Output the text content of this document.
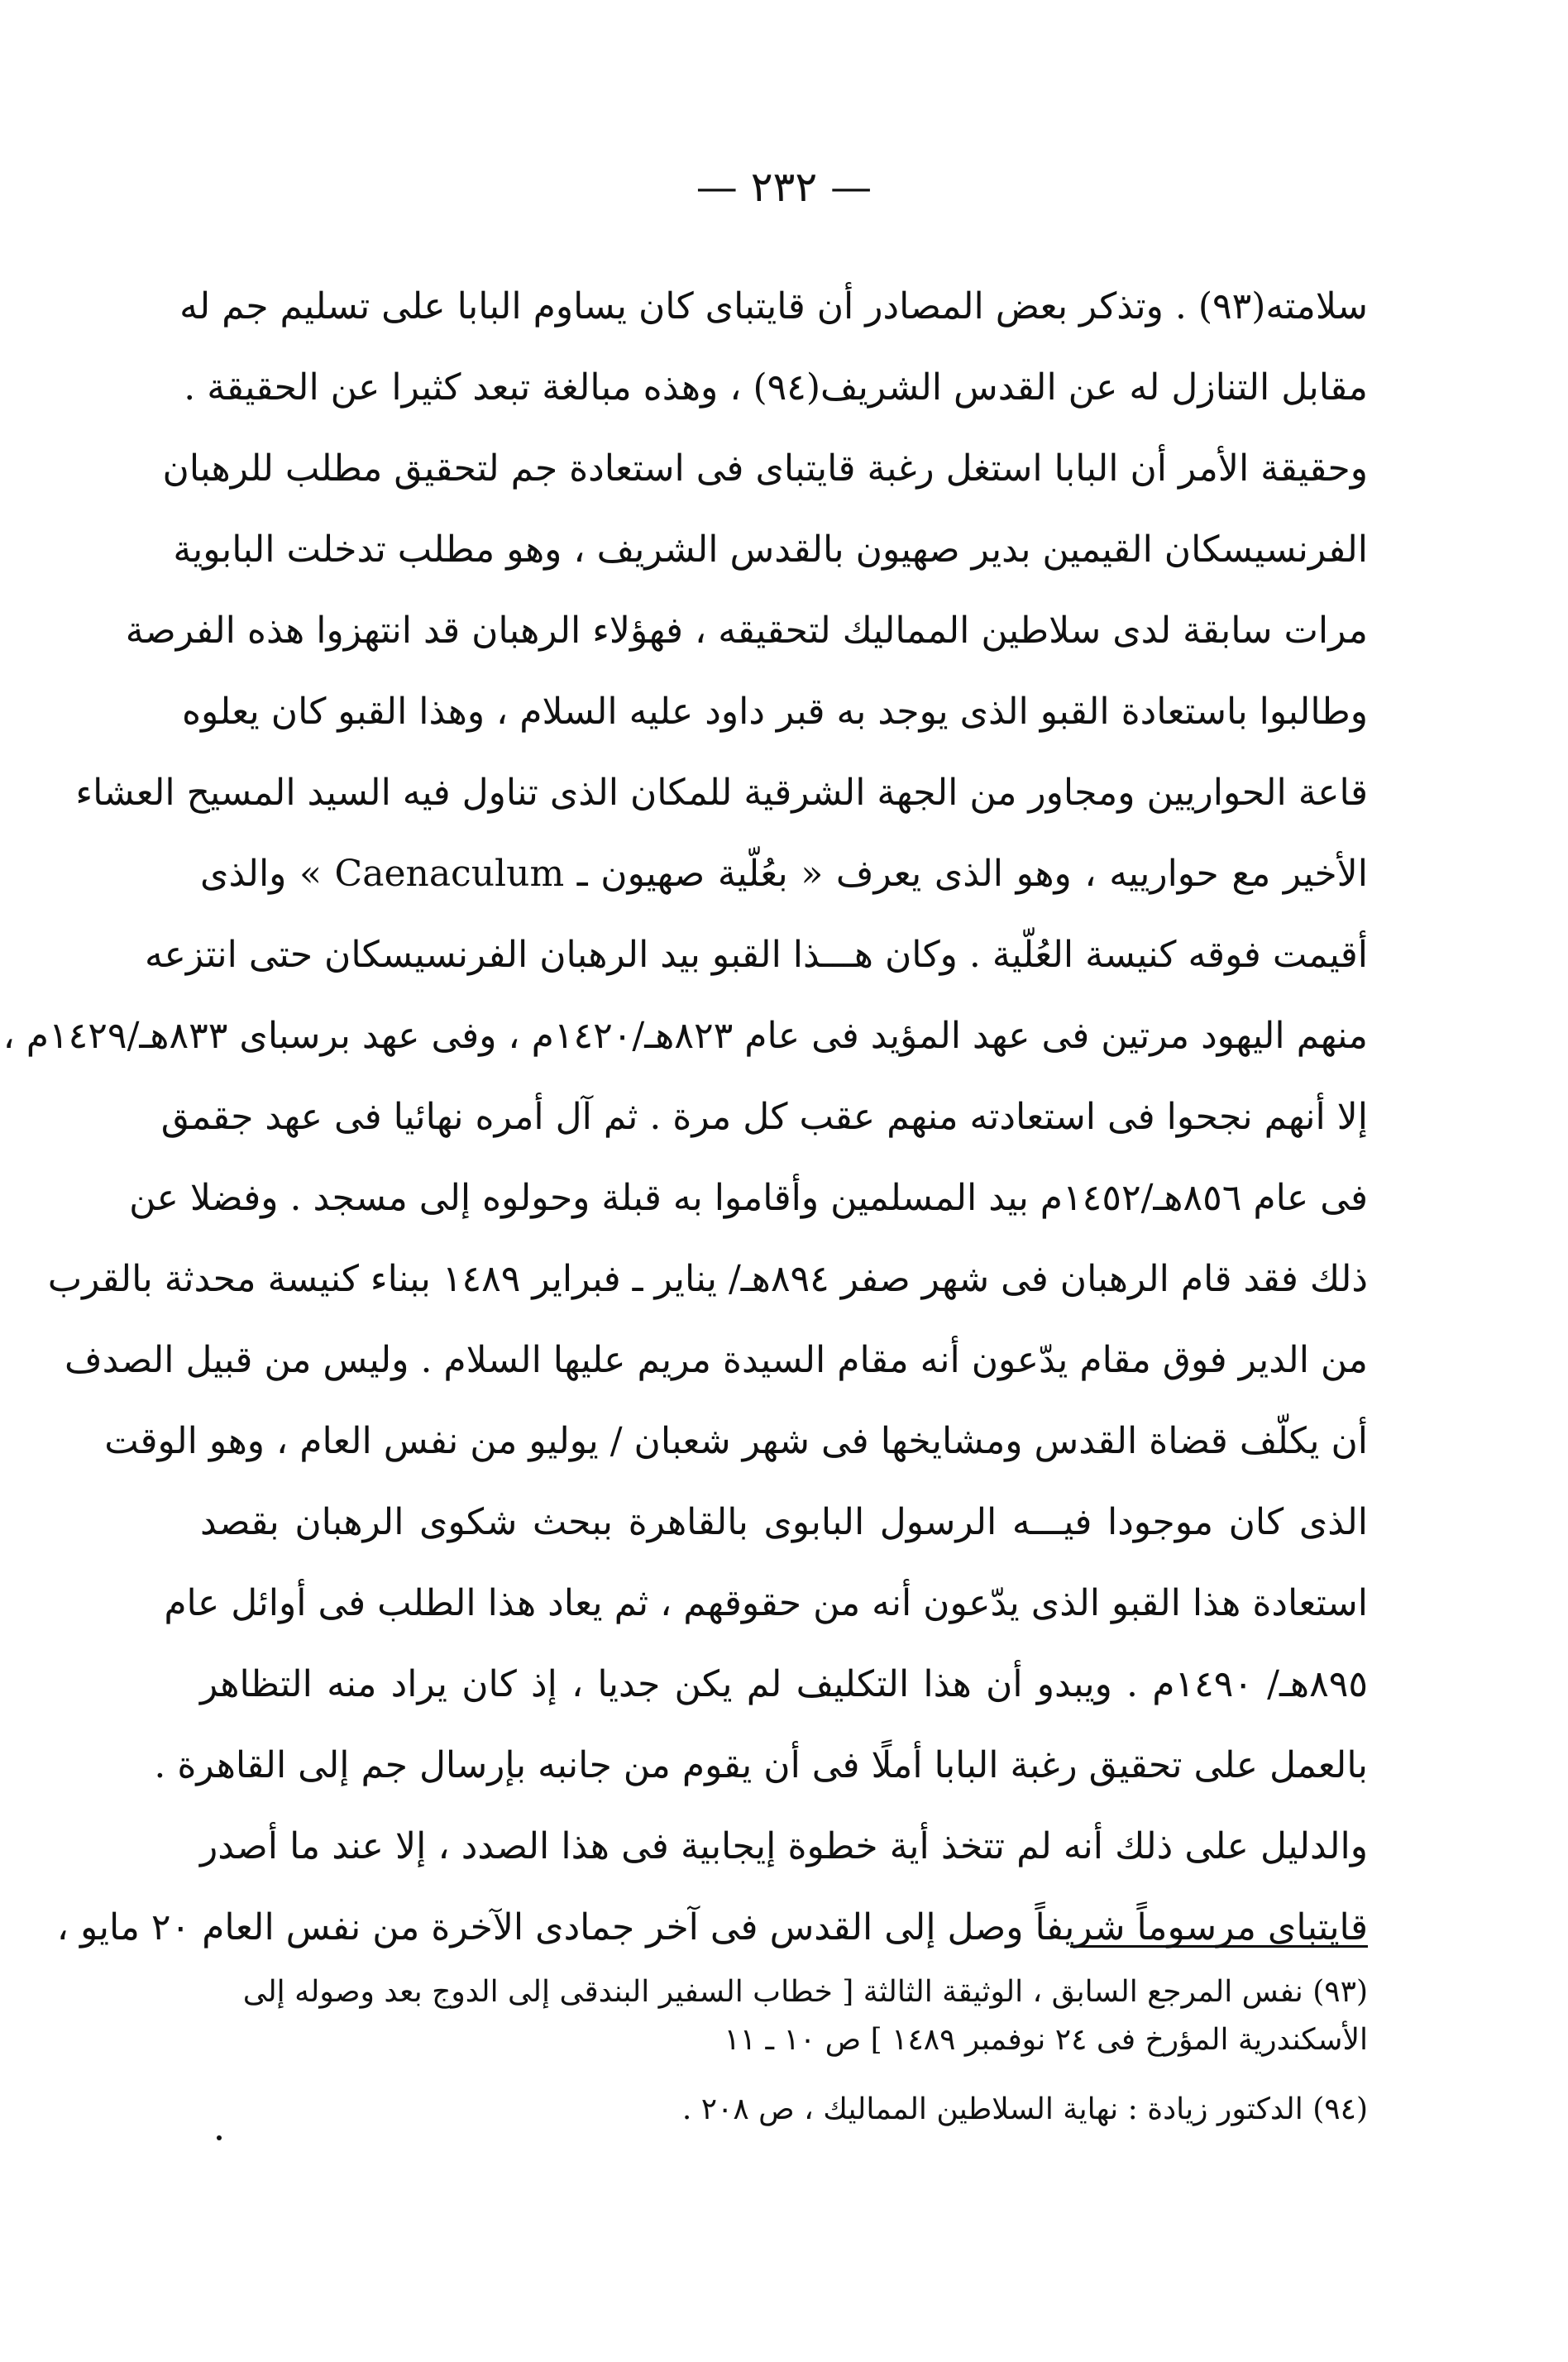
— ٢٣٢ —
سلامته(٩٣) . وتذكر بعض المصادر أن قايتباى كان يساوم البابا على تسليم جم له
مقابل التنازل له عن القدس الشريف(٩٤) ، وهذه مبالغة تبعد كثيرا عن الحقيقة .
وحقيقة الأمر أن البابا استغل رغبة قايتباى فى استعادة جم لتحقيق مطلب للرهبان
الفرنسيسكان القيمين بدير صهيون بالقدس الشريف ، وهو مطلب تدخلت البابوية
مرات سابقة لدى سلاطين المماليك لتحقيقه ، فهؤلاء الرهبان قد انتهزوا هذه الفرصة
وطالبوا باستعادة القبو الذى يوجد به قبر داود عليه السلام ، وهذا القبو كان يعلوه
قاعة الحواريين ومجاور من الجهة الشرقية للمكان الذى تناول فيه السيد المسيح العشاء
الأخير مع حوارييه ، وهو الذى يعرف « بعُلّية صهيون ـ Caenaculum » والذى
أقيمت فوقه كنيسة العُلّية . وكان هـــذا القبو بيد الرهبان الفرنسيسكان حتى انتزعه
منهم اليهود مرتين فى عهد المؤيد فى عام ٨٢٣هـ/١٤٢٠م ، وفى عهد برسباى ٨٣٣هـ/١٤٢٩م ،
إلا أنهم نجحوا فى استعادته منهم عقب كل مرة . ثم آل أمره نهائيا فى عهد جقمق
فى عام ٨٥٦هـ/١٤٥٢م بيد المسلمين وأقاموا به قبلة وحولوه إلى مسجد . وفضلا عن
ذلك فقد قام الرهبان فى شهر صفر ٨٩٤هـ/ يناير ـ فبراير ١٤٨٩ ببناء كنيسة محدثة بالقرب
من الدير فوق مقام يدّعون أنه مقام السيدة مريم عليها السلام . وليس من قبيل الصدف
أن يكلّف قضاة القدس ومشايخها فى شهر شعبان / يوليو من نفس العام ، وهو الوقت
الذى كان موجودا فيـــه الرسول البابوى بالقاهرة ببحث شكوى الرهبان بقصد
استعادة هذا القبو الذى يدّعون أنه من حقوقهم ، ثم يعاد هذا الطلب فى أوائل عام
٨٩٥هـ/ ١٤٩٠م . ويبدو أن هذا التكليف لم يكن جديا ، إذ كان يراد منه التظاهر
بالعمل على تحقيق رغبة البابا أملًا فى أن يقوم من جانبه بإرسال جم إلى القاهرة .
والدليل على ذلك أنه لم تتخذ أية خطوة إيجابية فى هذا الصدد ، إلا عند ما أصدر
قايتباى مرسوماً شريفاً وصل إلى القدس فى آخر جمادى الآخرة من نفس العام ٢٠ مايو ،
(٩٣) نفس المرجع السابق ، الوثيقة الثالثة [ خطاب السفير البندقى إلى الدوج بعد وصوله إلى
الأسكندرية المؤرخ فى ٢٤ نوفمبر ١٤٨٩ ] ص ١٠ ـ ١١
(٩٤) الدكتور زيادة : نهاية السلاطين المماليك ، ص ٢٠٨ .
